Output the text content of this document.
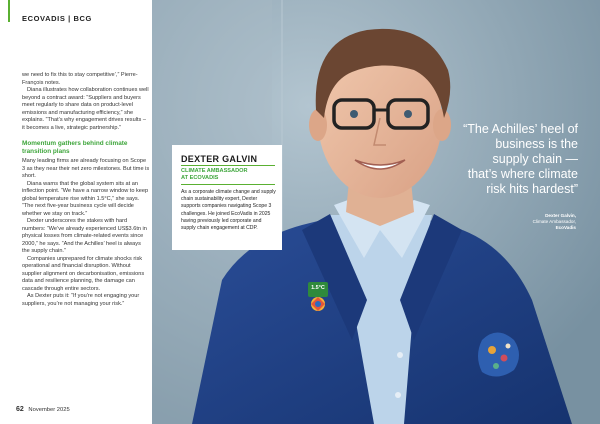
ECOVADIS | BCG

we need to fix this to stay competitive’,” Pierre-François notes.

Diana illustrates how collaboration continues well beyond a contract award: “Suppliers and buyers meet regularly to share data on product-level emissions and manufacturing efficiency,” she explains. “That’s why engagement drives results – it becomes a live, strategic partnership.”

Momentum gathers behind climate transition plans

Many leading firms are already focusing on Scope 3 as they near their net zero milestones. But time is short.

Diana warns that the global system sits at an inflection point. “We have a narrow window to keep global temperature rise within 1.5°C,” she says. “The next five-year business cycle will decide whether we stay on track.”

Dexter underscores the stakes with hard numbers: “We’ve already experienced US$3.6tn in physical losses from climate-related events since 2000,” he says. “And the Achilles’ heel is always the supply chain.”

Companies unprepared for climate shocks risk operational and financial disruption. Without supplier alignment on decarbonisation, emissions data and resilience planning, the damage can cascade through entire sectors.

As Dexter puts it: “If you’re not engaging your suppliers, you’re not managing your risk.”

62 November 2025
1.5°C
DEXTER GALVIN
CLIMATE AMBASSADOR
AT ECOVADIS
As a corporate climate change and supply chain sustainability expert, Dexter supports companies navigating Scope 3 challenges. He joined EcoVadis in 2025 having previously led corporate and supply chain engagement at CDP.
“The Achilles’ heel of business is the supply chain — that’s where climate risk hits hardest”
Dexter Galvin,
Climate Ambassador,
EcoVadis
